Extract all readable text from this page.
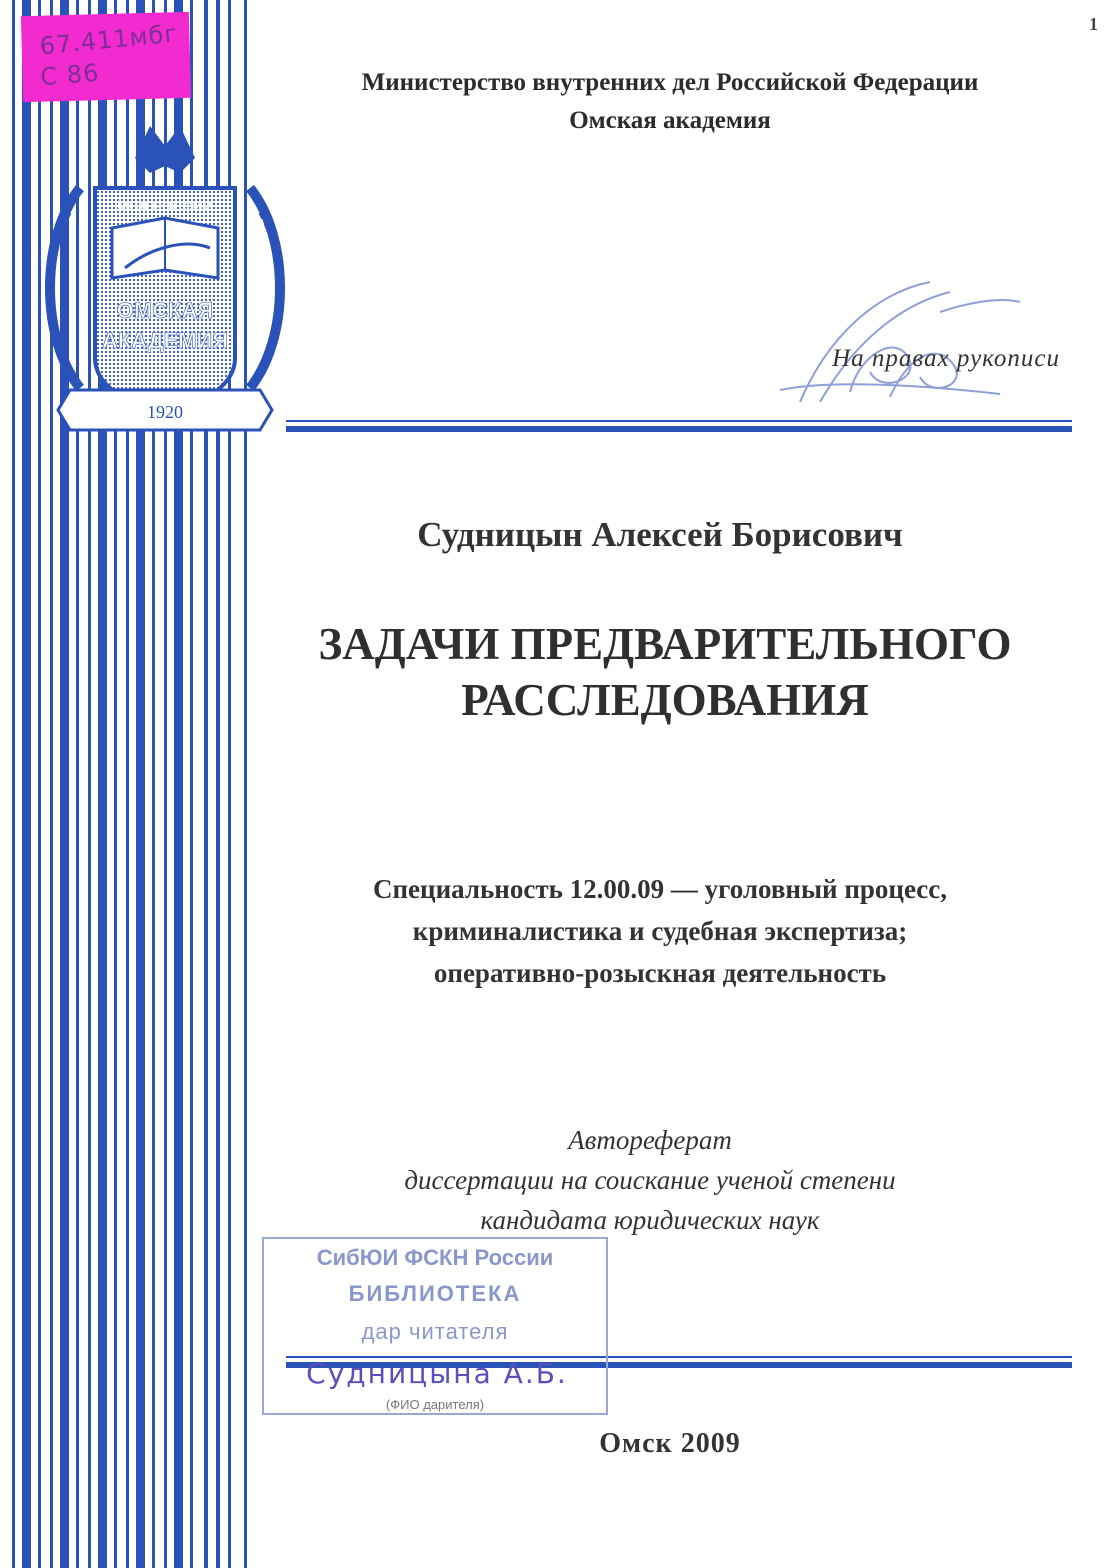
МВД РОССИИ
ОМСКАЯ
АКАДЕМИЯ
1920
67.411мбг
С 86
1
Министерство внутренних дел Российской Федерации
Омская академия
На правах рукописи
Судницын Алексей Борисович
ЗАДАЧИ ПРЕДВАРИТЕЛЬНОГО
РАССЛЕДОВАНИЯ
Специальность 12.00.09 — уголовный процесс,
криминалистика и судебная экспертиза;
оперативно-розыскная деятельность
Автореферат
диссертации на соискание ученой степени
кандидата юридических наук
СибЮИ ФСКН России
БИБЛИОТЕКА
дар читателя
Судницына А.Б.
(ФИО дарителя)
Омск 2009
